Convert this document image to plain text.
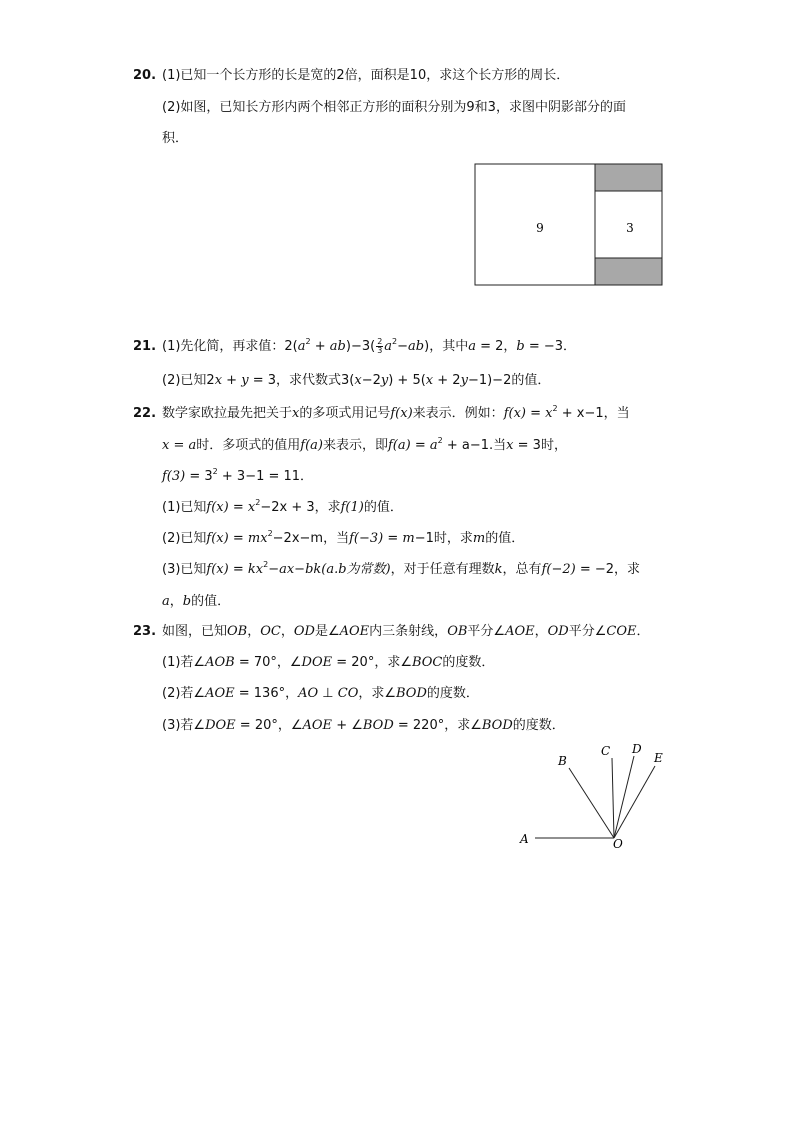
20. (1)已知一个长方形的长是宽的2倍，面积是10，求这个长方形的周长．
(2)如图，已知长方形内两个相邻正方形的面积分别为9和3，求图中阴影部分的面
积．
9	3
21. (1)先化简，再求值：$2(a^2 + ab)-3( \frac{2}{3} a^2-ab)$，其中a = 2，b = −3．
(2)已知2x + y = 3，求代数式3(x−2y) + 5(x + 2y−1)−2的值．
22. 数学家欧拉最先把关于x的多项式用记号f(x)来表示．例如：$f(x) = x^2 + x-1$，当
x = a时．多项式的值用f(a)来表示，即$f(a) = a^2 + a-1$.当x = 3时，
$f(3) = 3^2 + 3-1 = 11$．
(1)已知$f(x) = x^2-2x + 3$，求f(1)的值．
(2)已知$f(x) = mx^2-2x-m$，当f(−3) = m−1时，求m的值．
(3)已知$f(x) = kx^2-ax-bk(a.b$为常数)，对于任意有理数k，总有f(−2) = −2，求
a，b的值．
23. 如图，已知OB，OC，OD是∠AOE内三条射线，OB平分∠AOE，OD平分∠COE．
(1)若∠AOB = 70°，∠DOE = 20°，求∠BOC的度数．
(2)若∠AOE = 136°，AO ⊥ CO，求∠BOD的度数．
(3)若∠DOE = 20°，∠AOE + ∠BOD = 220°，求∠BOD的度数．
A
B
C D
E
O
